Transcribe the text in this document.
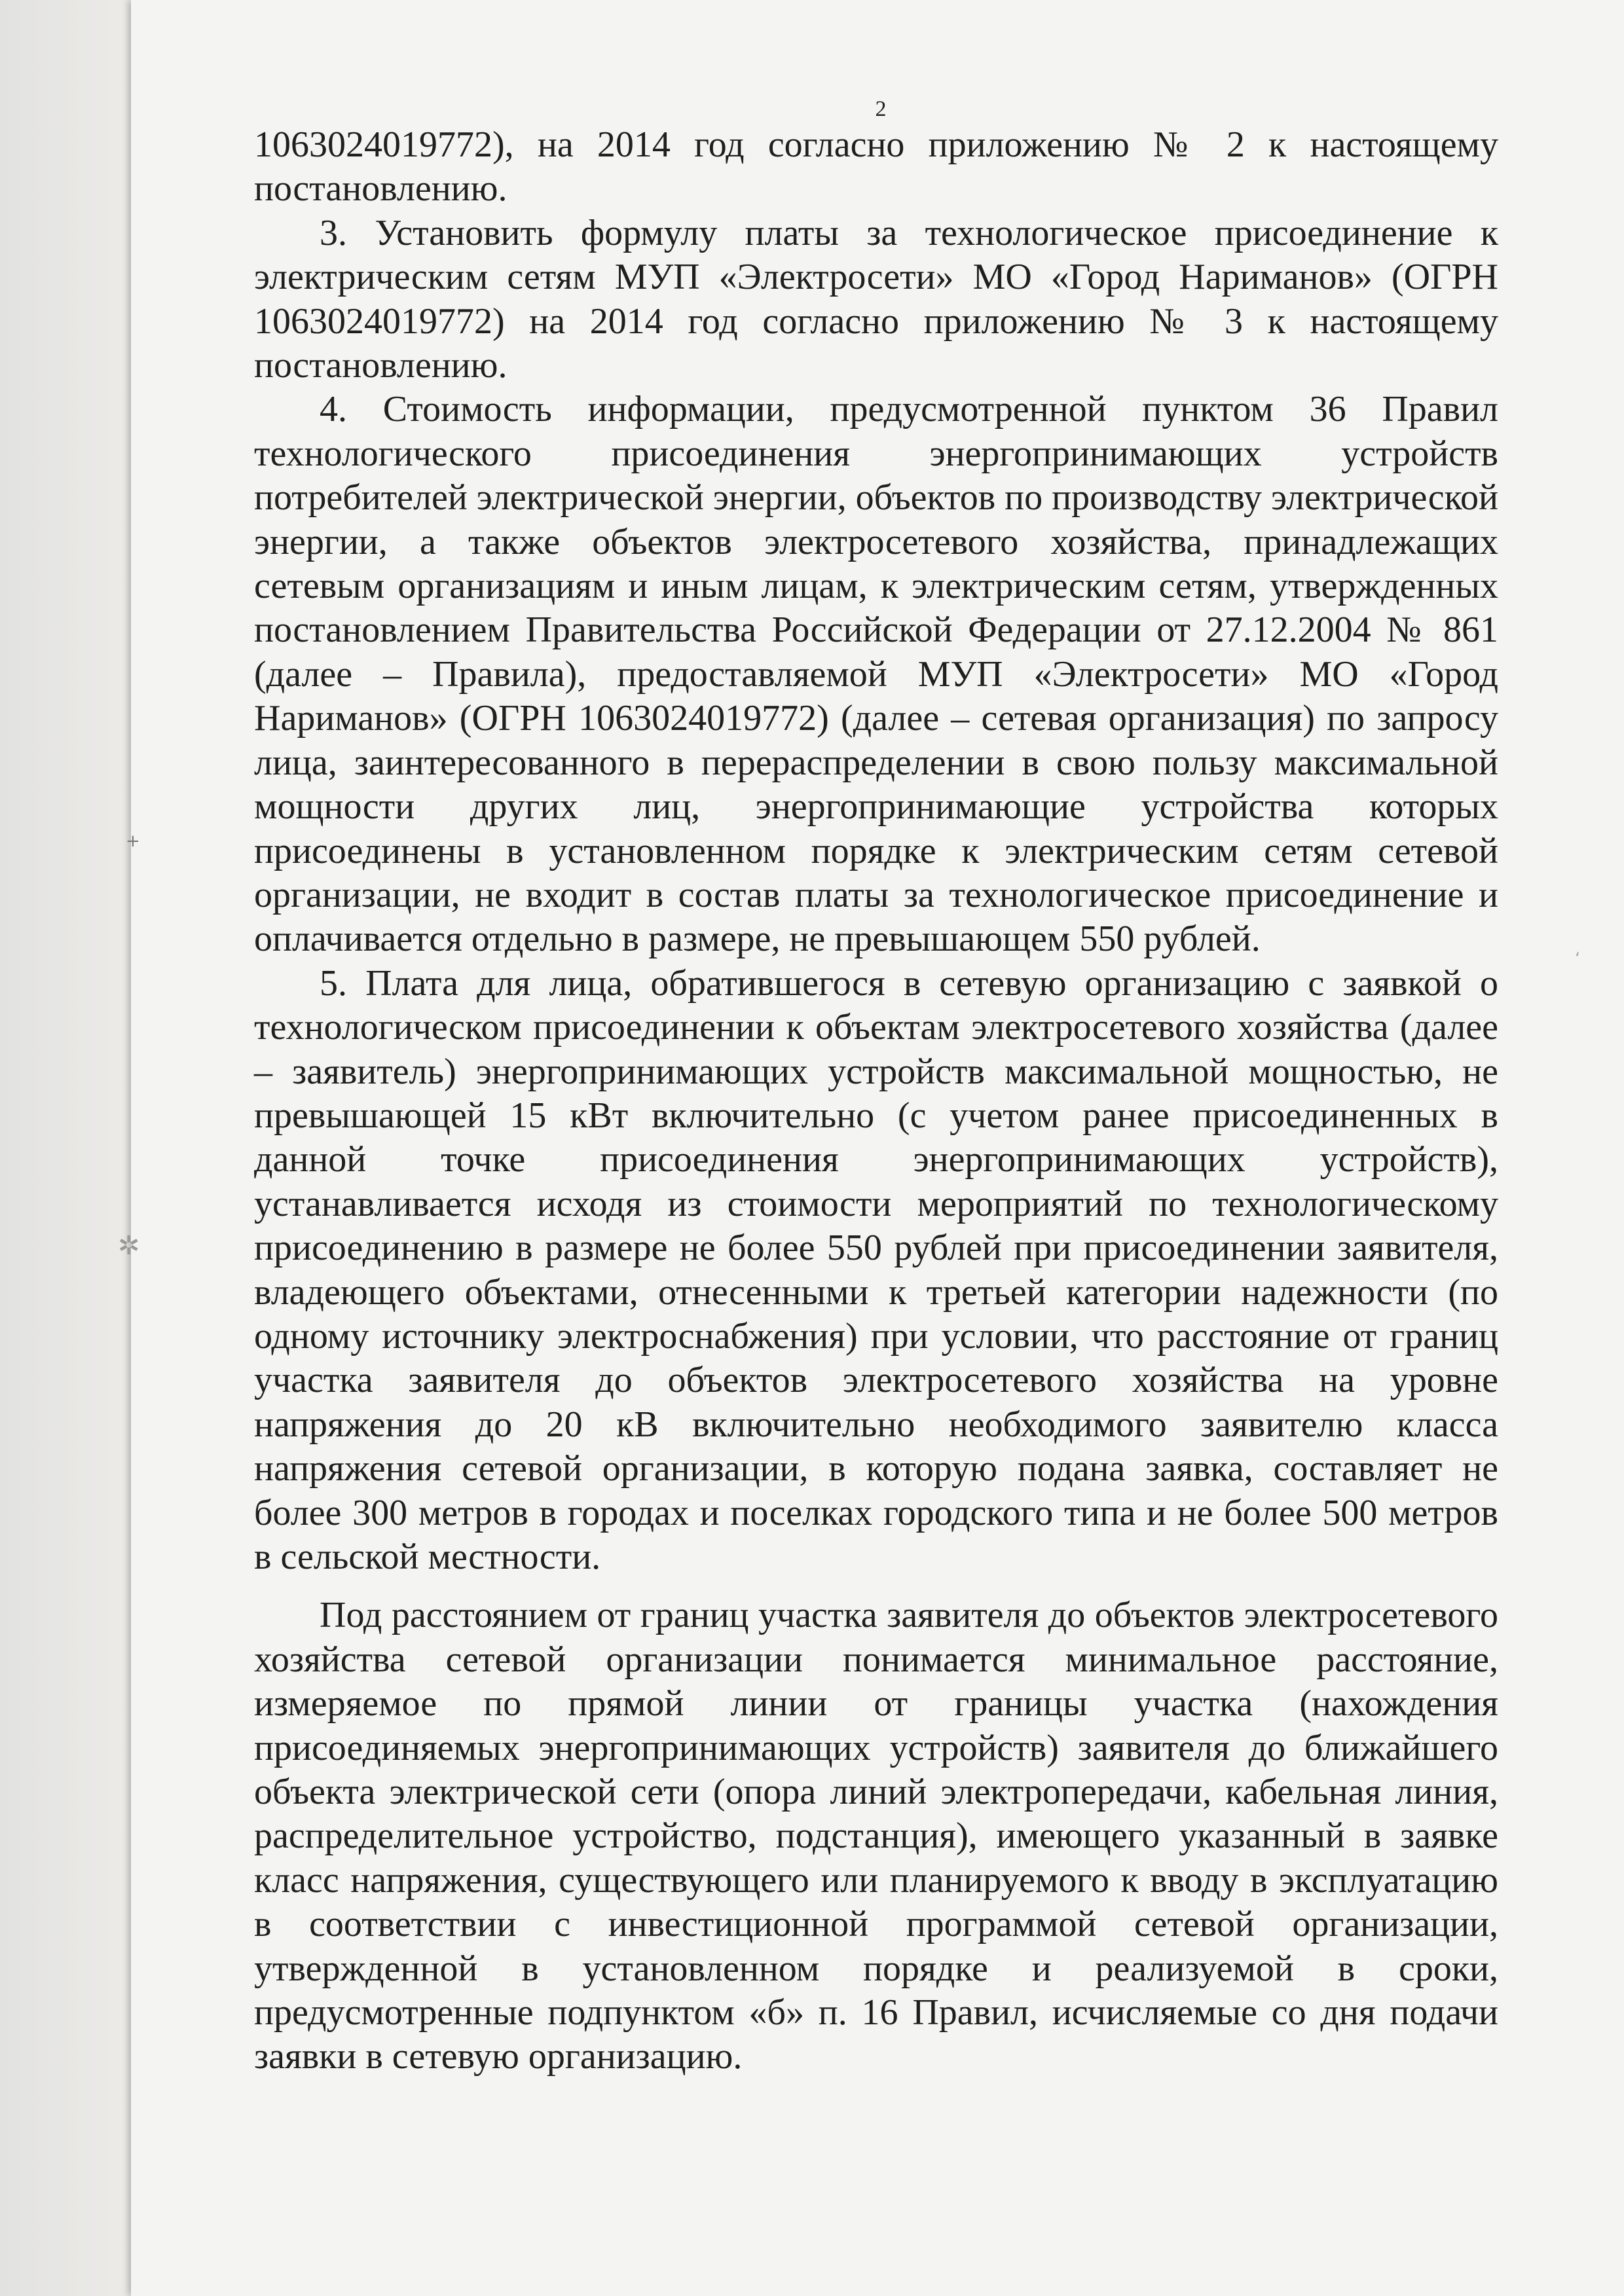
+
✲
‘
2

1063024019772), на 2014 год согласно приложению № 2 к настоящему постановлению.

3. Установить формулу платы за технологическое присоединение к электрическим сетям МУП «Электросети» МО «Город Нариманов» (ОГРН 1063024019772) на 2014 год согласно приложению № 3 к настоящему постановлению.

4. Стоимость информации, предусмотренной пунктом 36 Правил технологического присоединения энергопринимающих устройств потребителей электрической энергии, объектов по производству электрической энергии, а также объектов электросетевого хозяйства, принадлежащих сетевым организациям и иным лицам, к электрическим сетям, утвержденных постановлением Правительства Российской Федерации от 27.12.2004 № 861 (далее – Правила), предоставляемой МУП «Электросети» МО «Город Нариманов» (ОГРН 1063024019772) (далее – сетевая организация) по запросу лица, заинтересованного в перераспределении в свою пользу максимальной мощности других лиц, энергопринимающие устройства которых присоединены в установленном порядке к электрическим сетям сетевой организации, не входит в состав платы за технологическое присоединение и оплачивается отдельно в размере, не превышающем 550 рублей.

5. Плата для лица, обратившегося в сетевую организацию с заявкой о технологическом присоединении к объектам электросетевого хозяйства (далее – заявитель) энергопринимающих устройств максимальной мощностью, не превышающей 15 кВт включительно (с учетом ранее присоединенных в данной точке присоединения энергопринимающих устройств), устанавливается исходя из стоимости мероприятий по технологическому присоединению в размере не более 550 рублей при присоединении заявителя, владеющего объектами, отнесенными к третьей категории надежности (по одному источнику электроснабжения) при условии, что расстояние от границ участка заявителя до объектов электросетевого хозяйства на уровне напряжения до 20 кВ включительно необходимого заявителю класса напряжения сетевой организации, в которую подана заявка, составляет не более 300 метров в городах и поселках городского типа и не более 500 метров в сельской местности.

Под расстоянием от границ участка заявителя до объектов электросетевого хозяйства сетевой организации понимается минимальное расстояние, измеряемое по прямой линии от границы участка (нахождения присоединяемых энергопринимающих устройств) заявителя до ближайшего объекта электрической сети (опора линий электропередачи, кабельная линия, распределительное устройство, подстанция), имеющего указанный в заявке класс напряжения, существующего или планируемого к вводу в эксплуатацию в соответствии с инвестиционной программой сетевой организации, утвержденной в установленном порядке и реализуемой в сроки, предусмотренные подпунктом «б» п. 16 Правил, исчисляемые со дня подачи заявки в сетевую организацию.
